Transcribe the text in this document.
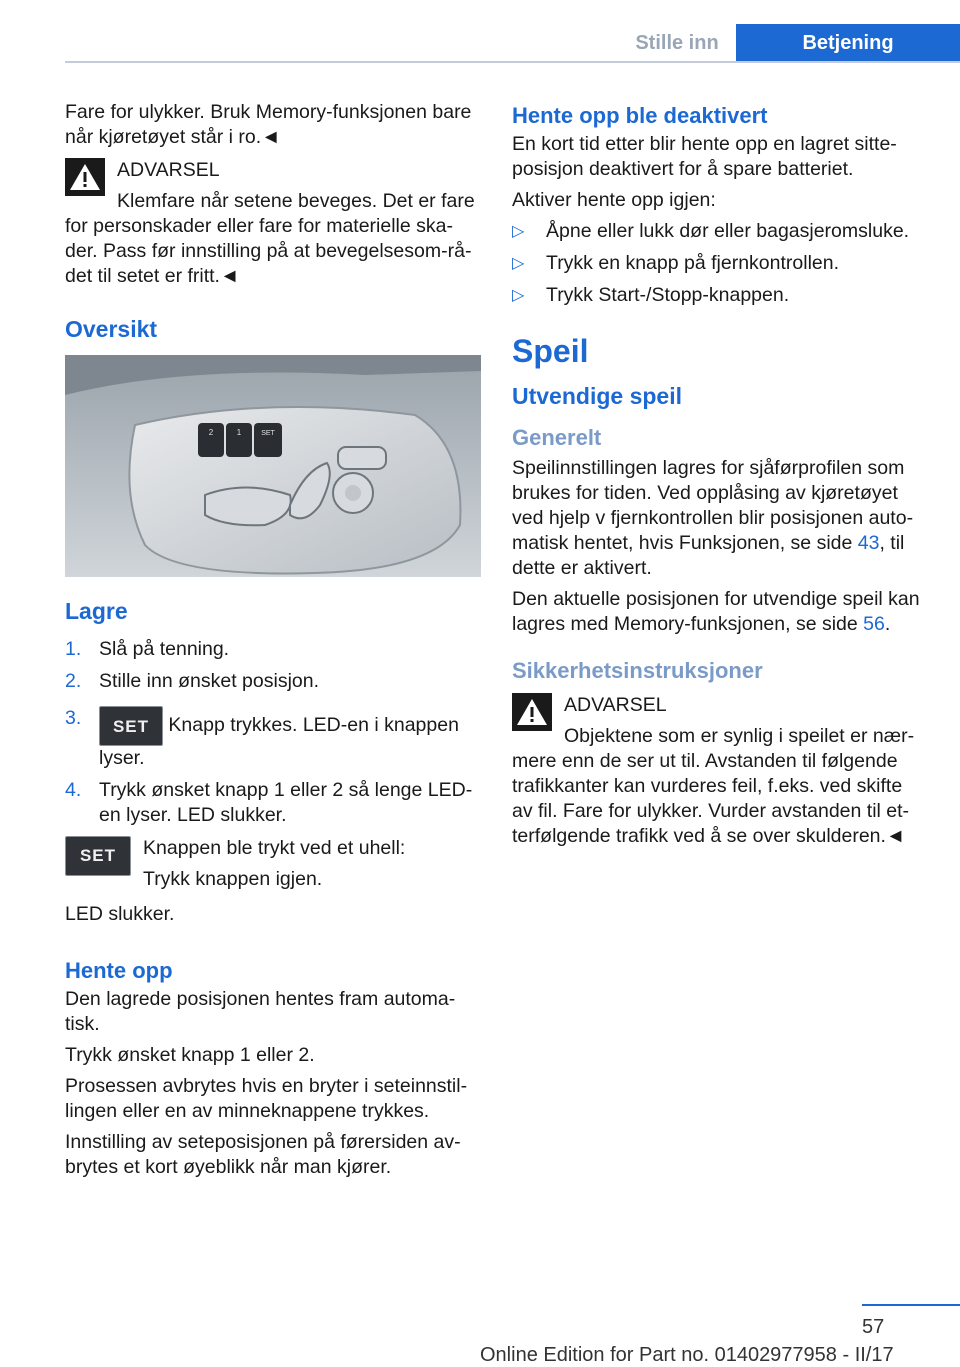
Stille inn	Betjening

Fare for ulykker. Bruk Memory-funksjonen bare når kjøretøyet står i ro.◄

ADVARSEL

Klemfare når setene beveges. Det er fare for personskader eller fare for materielle ska-der. Pass før innstilling på at bevegelsesom-rå-det til setet er fritt.◄

Oversikt
2	1	SET
Lagre
1. Slå på tenning.
2. Stille inn ønsket posisjon.
3. SET Knapp trykkes. LED-en i knappen lyser.
4. Trykk ønsket knapp 1 eller 2 så lenge LED-en lyser. LED slukker.
SET	Knappen ble trykt ved et uhell:

Trykk knappen igjen.

LED slukker.

Hente opp

Den lagrede posisjonen hentes fram automa-tisk.

Trykk ønsket knapp 1 eller 2.

Prosessen avbrytes hvis en bryter i seteinnstil-lingen eller en av minneknappene trykkes.

Innstilling av seteposisjonen på førersiden av-brytes et kort øyeblikk når man kjører.

Hente opp ble deaktivert

En kort tid etter blir hente opp en lagret sitte-posisjon deaktivert for å spare batteriet.

Aktiver hente opp igjen:

▷ Åpne eller lukk dør eller bagasjeromsluke.
▷ Trykk en knapp på fjernkontrollen.
▷ Trykk Start-/Stopp-knappen.
Speil
Utvendige speil
Generelt

Speilinnstillingen lagres for sjåførprofilen som brukes for tiden. Ved opplåsing av kjøretøyet ved hjelp v fjernkontrollen blir posisjonen auto-matisk hentet, hvis Funksjonen, se side 43, til dette er aktivert.

Den aktuelle posisjonen for utvendige speil kan lagres med Memory-funksjonen, se side 56.

Sikkerhetsinstruksjoner

ADVARSEL

Objektene som er synlig i speilet er nær-mere enn de ser ut til. Avstanden til følgende trafikkanter kan vurderes feil, f.eks. ved skifte av fil. Fare for ulykker. Vurder avstanden til et-terfølgende trafikk ved å se over skulderen.◄

57
Online Edition for Part no. 01402977958 - II/17
